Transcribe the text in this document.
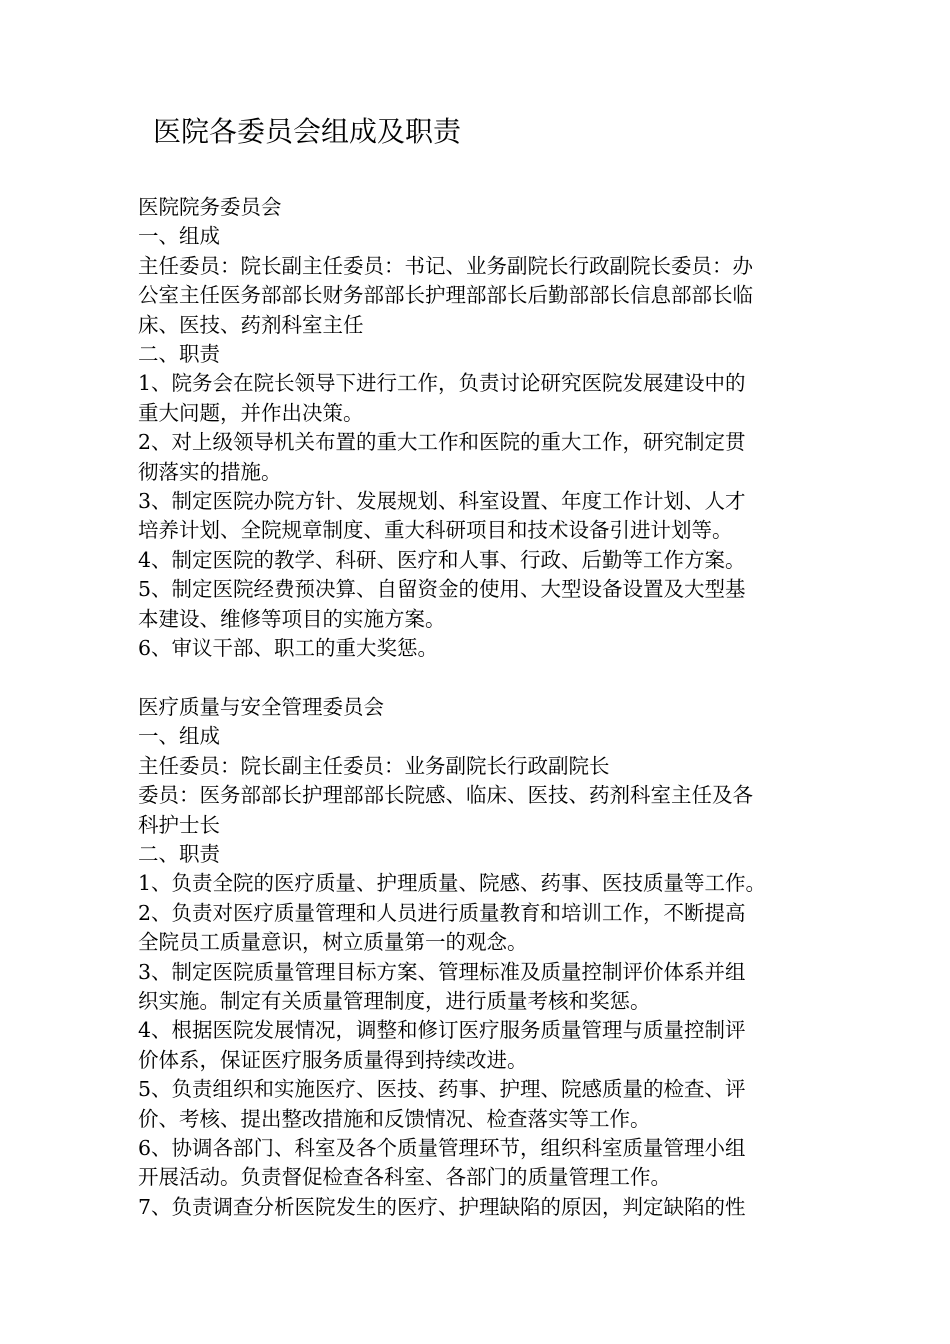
医院各委员会组成及职责

医院院务委员会

一、组成

主任委员：院长副主任委员：书记、业务副院长行政副院长委员：办

公室主任医务部部长财务部部长护理部部长后勤部部长信息部部长临

床、医技、药剂科室主任

二、职责

1、院务会在院长领导下进行工作，负责讨论研究医院发展建设中的

重大问题，并作出决策。

2、对上级领导机关布置的重大工作和医院的重大工作，研究制定贯

彻落实的措施。

3、制定医院办院方针、发展规划、科室设置、年度工作计划、人才

培养计划、全院规章制度、重大科研项目和技术设备引进计划等。

4、制定医院的教学、科研、医疗和人事、行政、后勤等工作方案。

5、制定医院经费预决算、自留资金的使用、大型设备设置及大型基

本建设、维修等项目的实施方案。

6、审议干部、职工的重大奖惩。

医疗质量与安全管理委员会

一、组成

主任委员：院长副主任委员：业务副院长行政副院长

委员：医务部部长护理部部长院感、临床、医技、药剂科室主任及各

科护士长

二、职责

1、负责全院的医疗质量、护理质量、院感、药事、医技质量等工作。

2、负责对医疗质量管理和人员进行质量教育和培训工作，不断提高

全院员工质量意识，树立质量第一的观念。

3、制定医院质量管理目标方案、管理标准及质量控制评价体系并组

织实施。制定有关质量管理制度，进行质量考核和奖惩。

4、根据医院发展情况，调整和修订医疗服务质量管理与质量控制评

价体系，保证医疗服务质量得到持续改进。

5、负责组织和实施医疗、医技、药事、护理、院感质量的检查、评

价、考核、提出整改措施和反馈情况、检查落实等工作。

6、协调各部门、科室及各个质量管理环节，组织科室质量管理小组

开展活动。负责督促检查各科室、各部门的质量管理工作。

7、负责调查分析医院发生的医疗、护理缺陷的原因，判定缺陷的性
